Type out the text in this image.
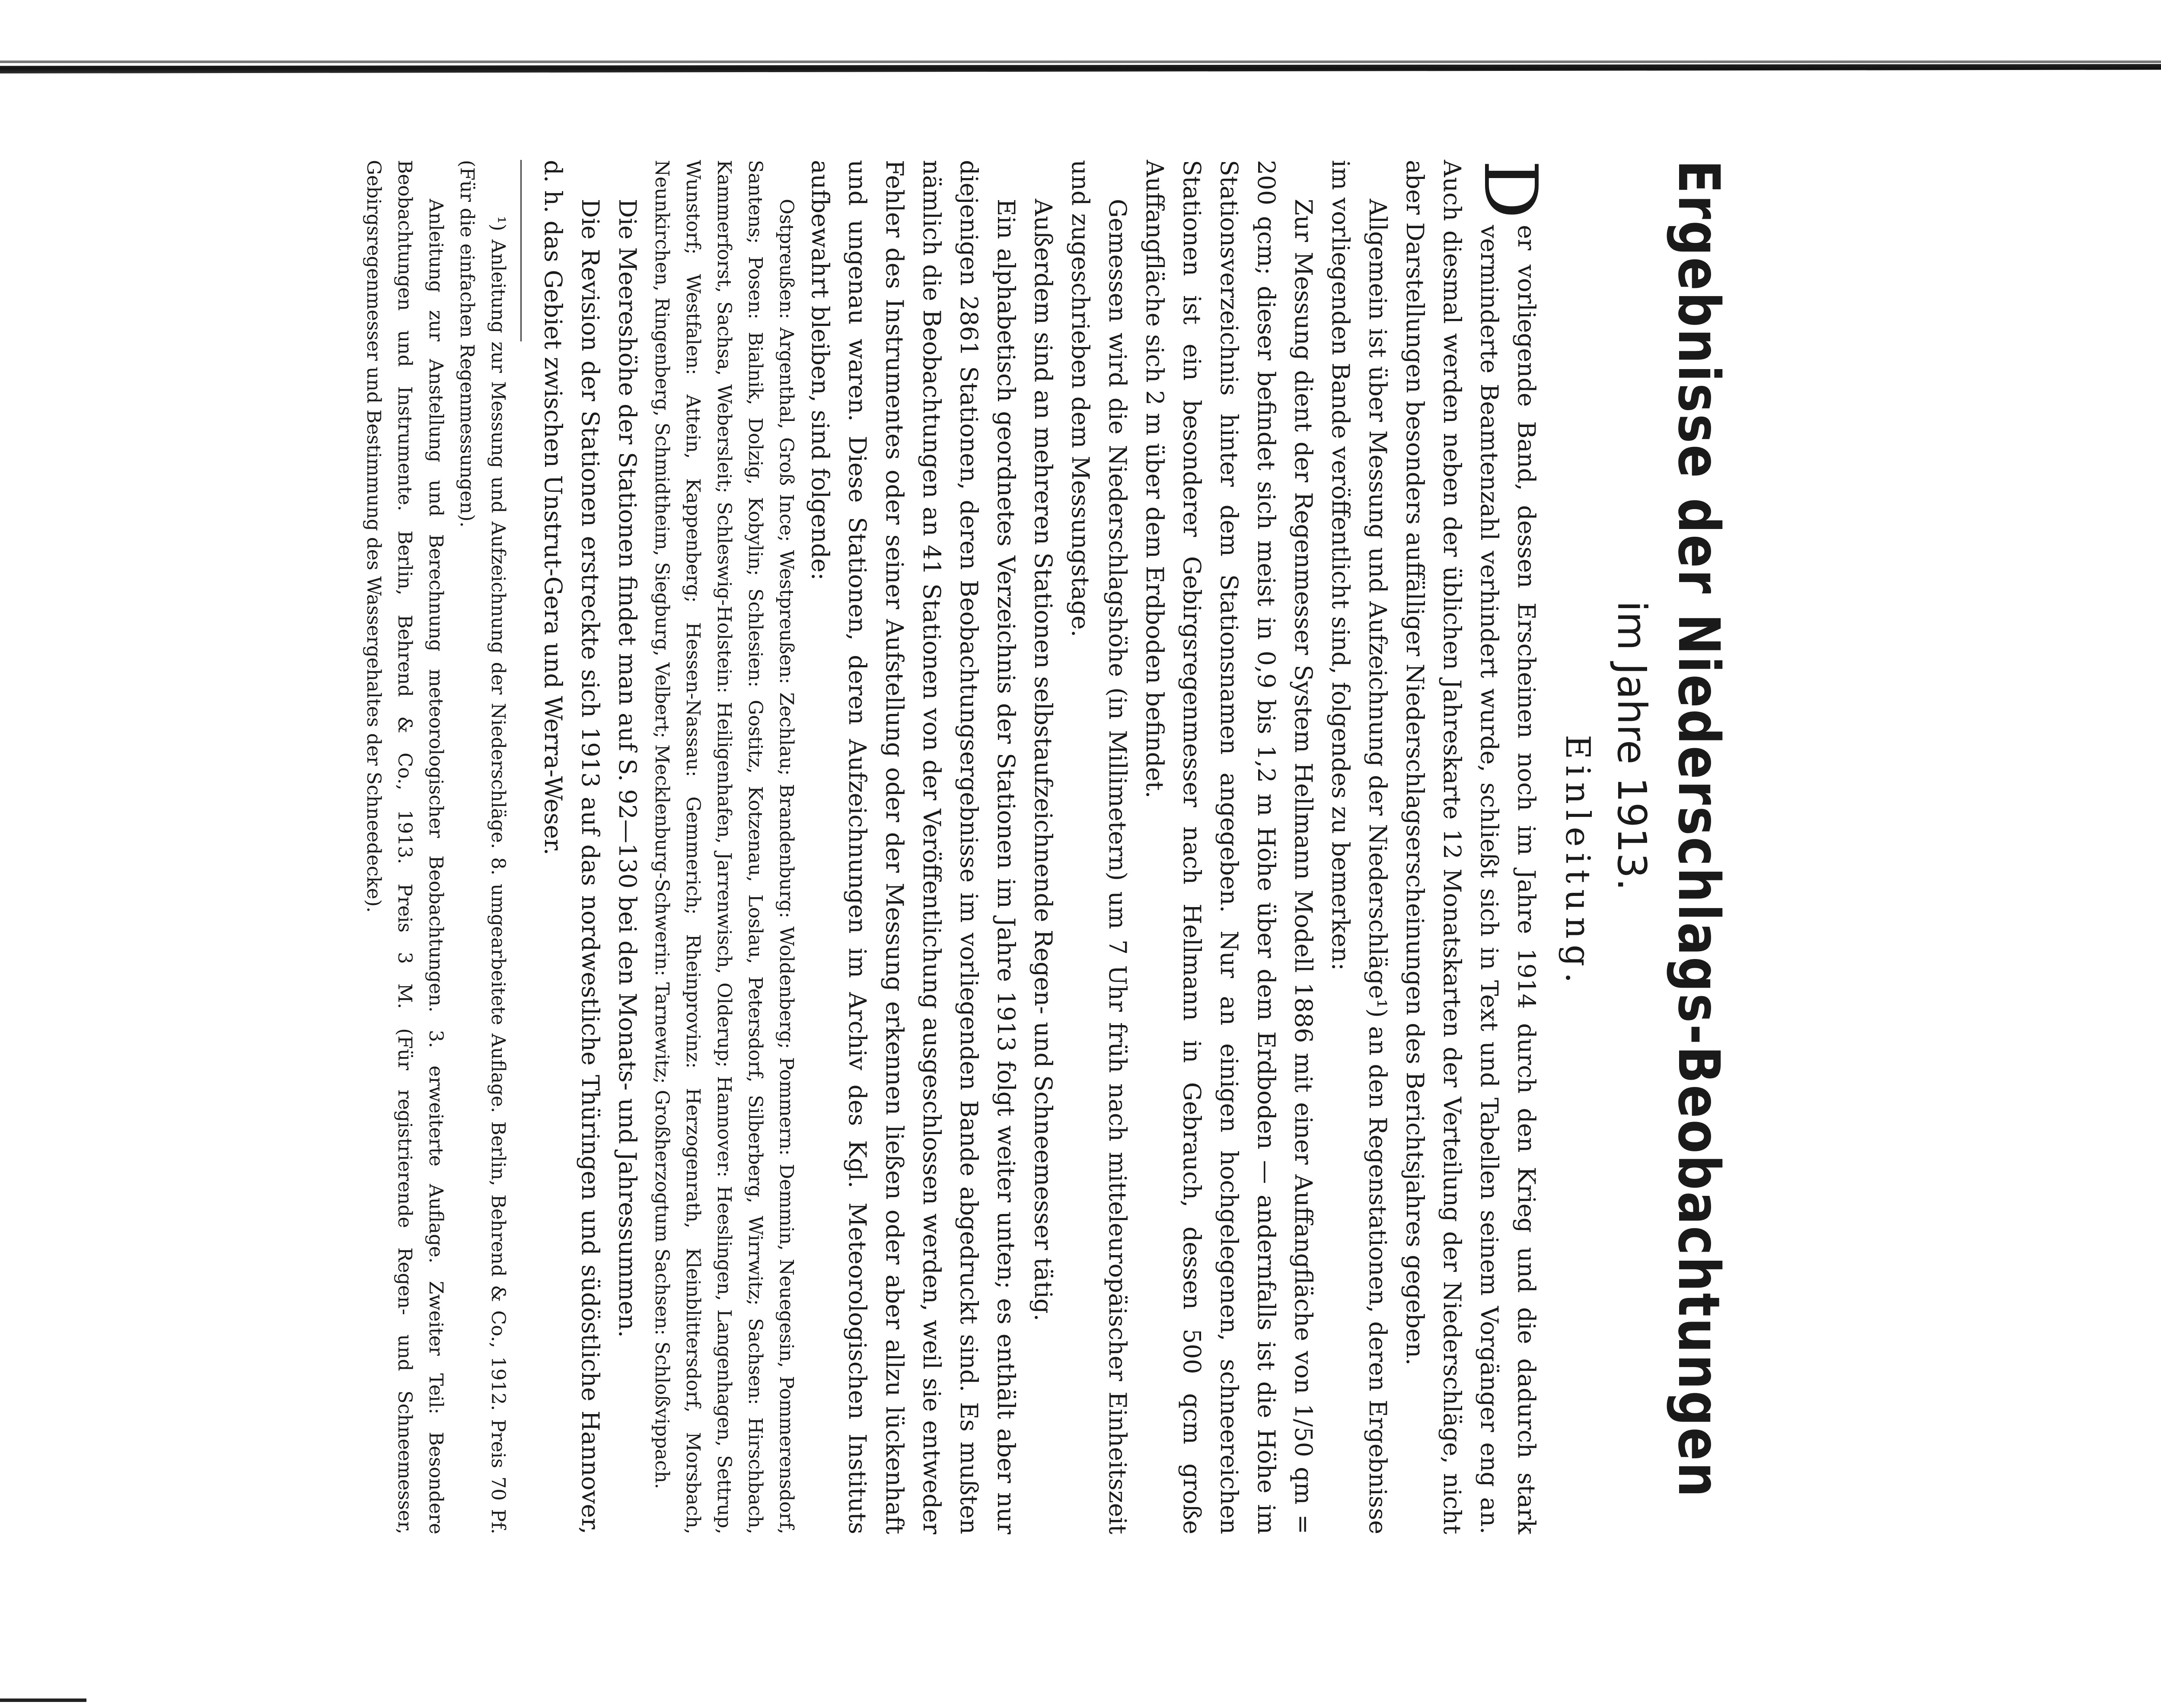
Ergebnisse der Niederschlags-Beobachtungen
im Jahre 1913.
Einleitung.

D
er vorliegende Band, dessen Erscheinen noch im Jahre 1914 durch den Krieg und die dadurch stark verminderte Beamtenzahl verhindert wurde, schließt sich in Text und Tabellen seinem Vorgänger eng an. Auch diesmal werden neben der üblichen Jahreskarte 12 Monatskarten der Verteilung der Niederschläge, nicht aber Darstellungen besonders auffälliger Niederschlagserscheinungen des Berichtsjahres gegeben.

Allgemein ist über Messung und Aufzeichnung der Niederschläge¹) an den Regenstationen, deren Ergebnisse im vorliegenden Bande veröffentlicht sind, folgendes zu bemerken:

Zur Messung dient der Regenmesser System Hellmann Modell 1886 mit einer Auffangfläche von 1/50 qm = 200 qcm; dieser befindet sich meist in 0,9 bis 1,2 m Höhe über dem Erdboden — andernfalls ist die Höhe im Stationsverzeichnis hinter dem Stationsnamen angegeben. Nur an einigen hochgelegenen, schneereichen Stationen ist ein besonderer Gebirgsregenmesser nach Hellmann in Gebrauch, dessen 500 qcm große Auffangfläche sich 2 m über dem Erdboden befindet.

Gemessen wird die Niederschlagshöhe (in Millimetern) um 7 Uhr früh nach mitteleuropäischer Einheitszeit und zugeschrieben dem Messungstage.

Außerdem sind an mehreren Stationen selbstaufzeichnende Regen- und Schneemesser tätig.

Ein alphabetisch geordnetes Verzeichnis der Stationen im Jahre 1913 folgt weiter unten; es enthält aber nur diejenigen 2861 Stationen, deren Beobachtungsergebnisse im vorliegenden Bande abgedruckt sind. Es mußten nämlich die Beobachtungen an 41 Stationen von der Veröffentlichung ausgeschlossen werden, weil sie entweder Fehler des Instrumentes oder seiner Aufstellung oder der Messung erkennen ließen oder aber allzu lückenhaft und ungenau waren. Diese Stationen, deren Aufzeichnungen im Archiv des Kgl. Meteorologischen Instituts aufbewahrt bleiben, sind folgende:

Ostpreußen: Argenthal, Groß Ince; Westpreußen: Zechlau; Brandenburg: Woldenberg; Pommern: Demmin, Neuegesin, Pommerensdorf, Santens; Posen: Bialnik, Dolzig, Kobylin; Schlesien: Gostitz, Kotzenau, Loslau, Petersdorf, Silberberg, Wirrwitz; Sachsen: Hirschbach, Kammerforst, Sachsa, Webersleit; Schleswig-Holstein: Heiligenhafen, Jarrenwisch, Olderup; Hannover: Heeslingen, Langenhagen, Settrup, Wunstorf; Westfalen: Attein, Kappenberg; Hessen-Nassau: Gemmerich; Rheinprovinz: Herzogenrath, Kleinblittersdorf, Morsbach, Neunkirchen, Ringenberg, Schmidtheim, Siegburg, Velbert; Mecklenburg-Schwerin: Tarnewitz; Großherzogtum Sachsen: Schloßvippach.

Die Meereshöhe der Stationen findet man auf S. 92—130 bei den Monats- und Jahressummen.

Die Revision der Stationen erstreckte sich 1913 auf das nordwestliche Thüringen und südöstliche Hannover, d. h. das Gebiet zwischen Unstrut-Gera und Werra-Weser.

¹) Anleitung zur Messung und Aufzeichnung der Niederschläge. 8. umgearbeitete Auflage. Berlin, Behrend & Co., 1912. Preis 70 Pf. (Für die einfachen Regenmessungen).

Anleitung zur Anstellung und Berechnung meteorologischer Beobachtungen. 3. erweiterte Auflage. Zweiter Teil: Besondere Beobachtungen und Instrumente. Berlin, Behrend & Co., 1913. Preis 3 M. (Für registrierende Regen- und Schneemesser, Gebirgsregenmesser und Bestimmung des Wassergehaltes der Schneedecke).
